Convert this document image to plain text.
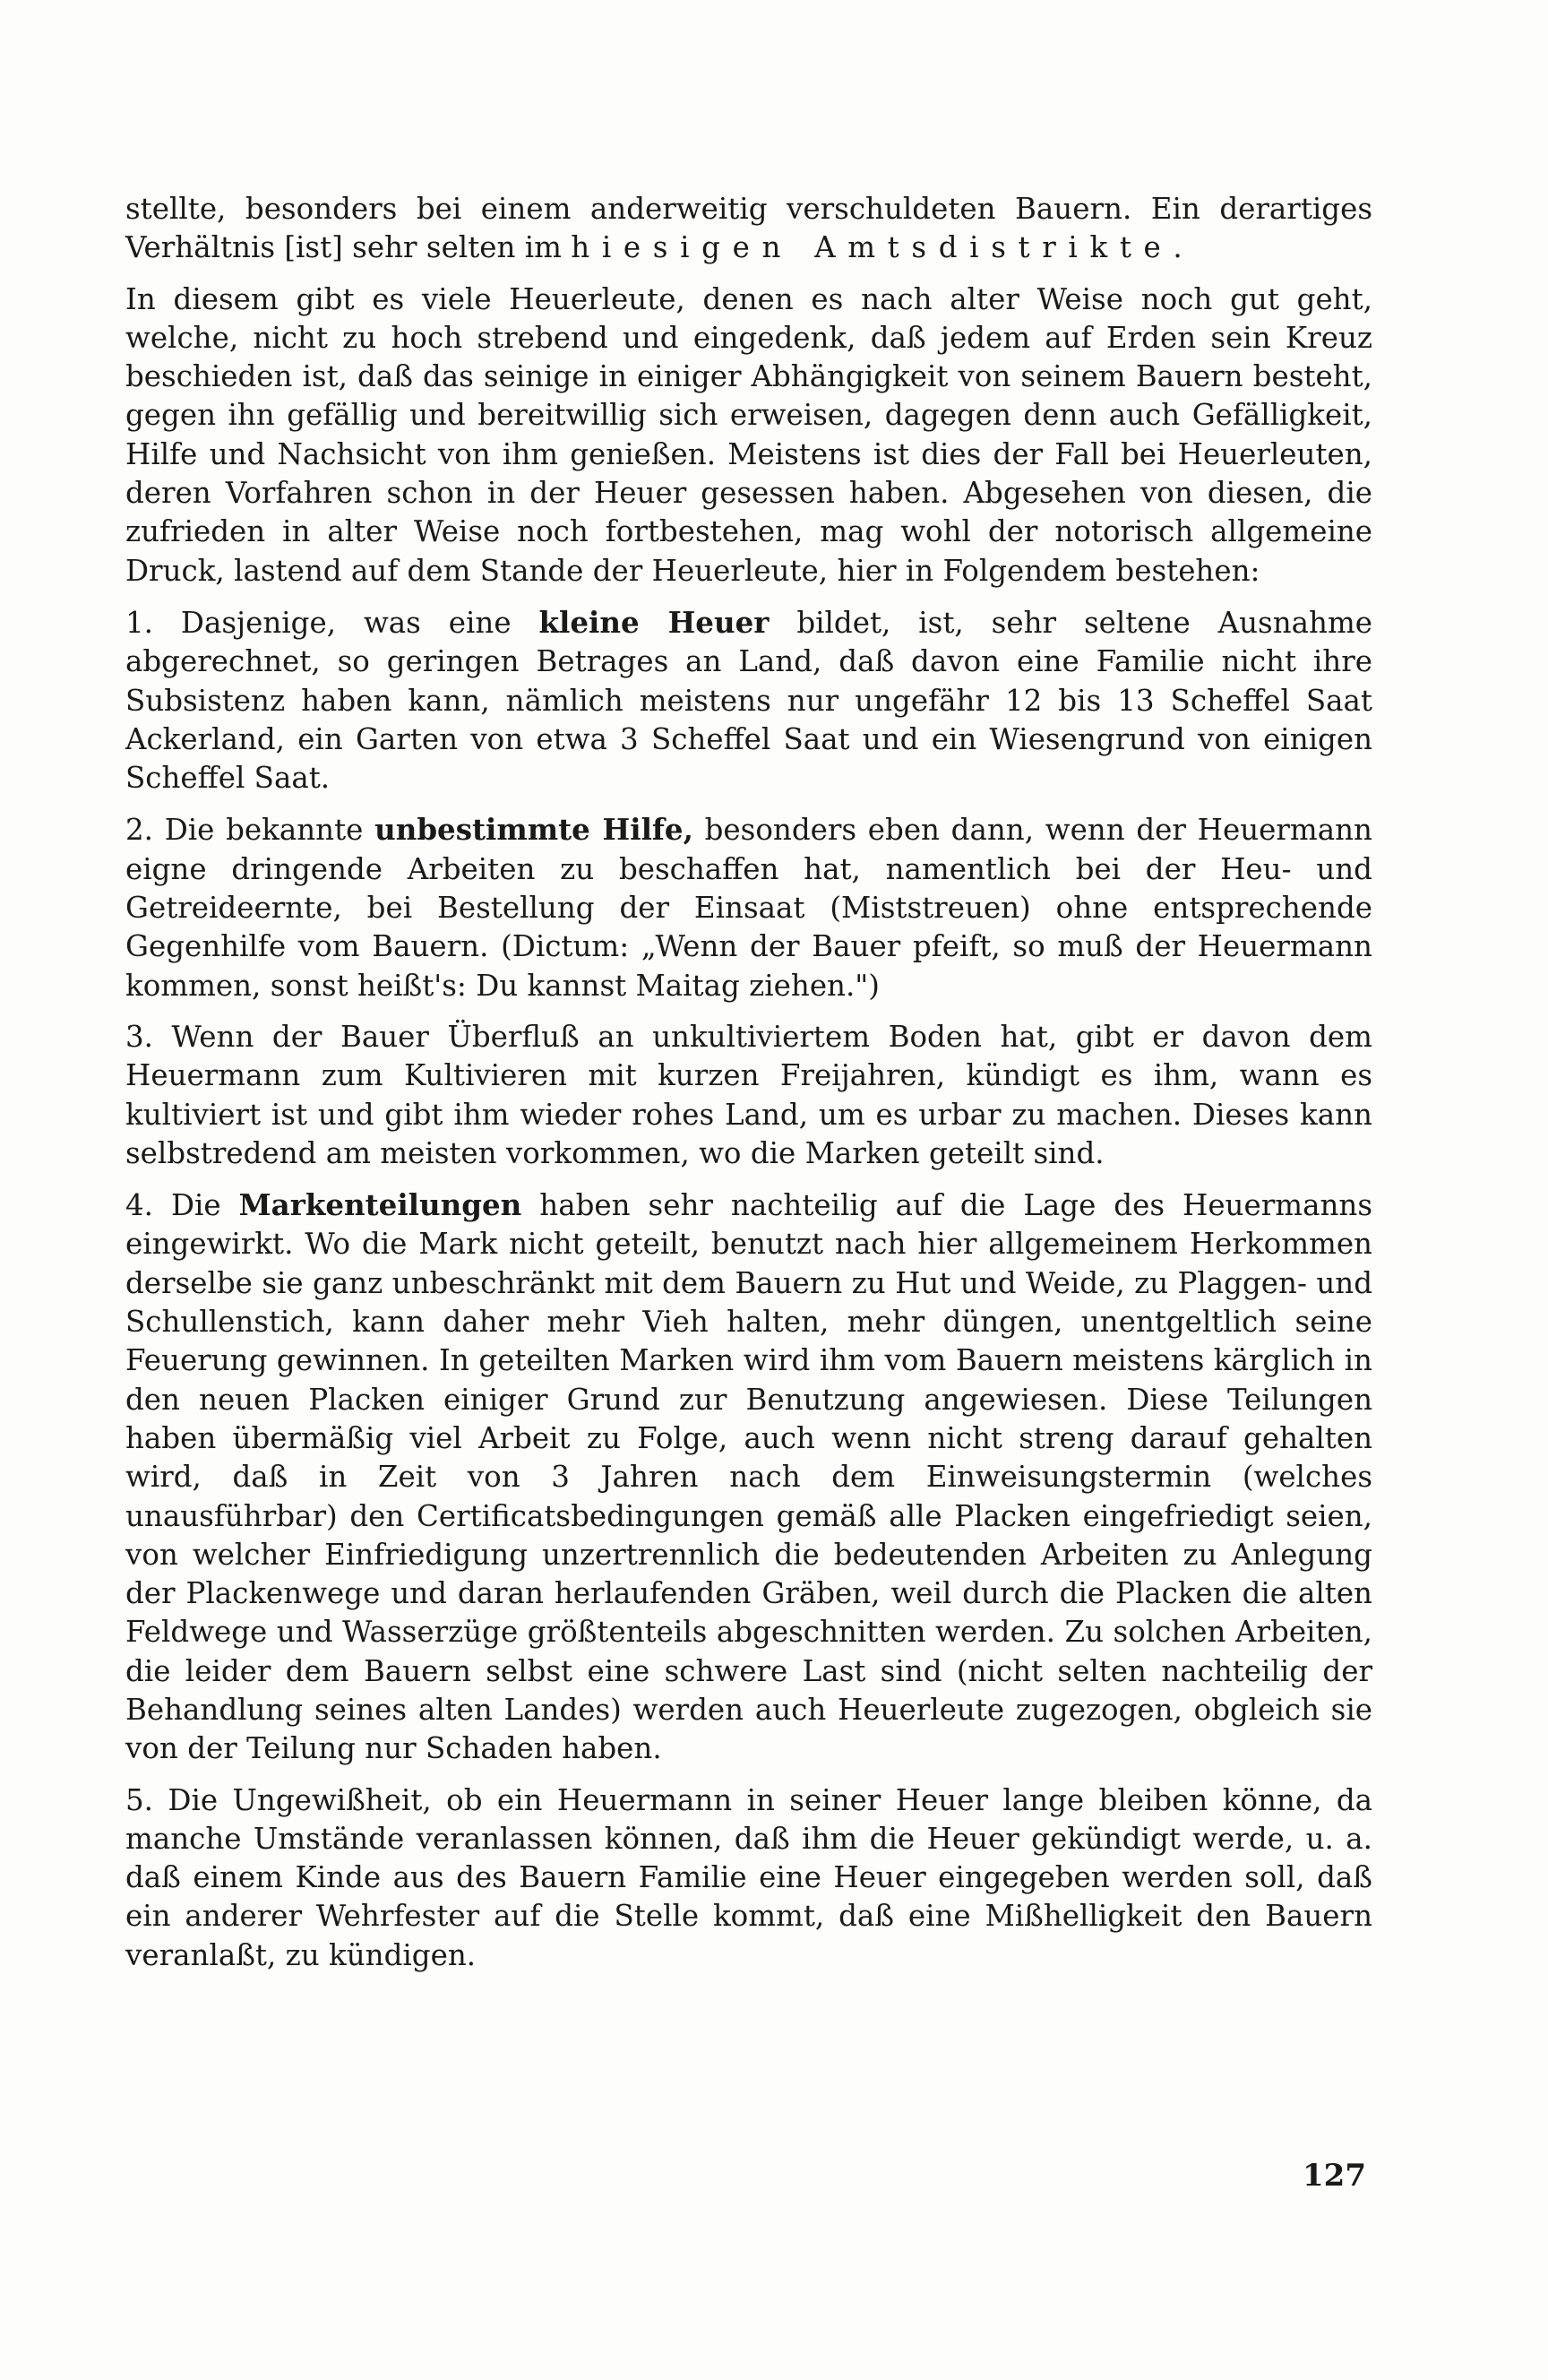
stellte, besonders bei einem anderweitig verschuldeten Bauern. Ein derartiges Verhältnis [ist] sehr selten im hiesigen Amtsdistrikte.

In diesem gibt es viele Heuerleute, denen es nach alter Weise noch gut geht, welche, nicht zu hoch strebend und eingedenk, daß jedem auf Erden sein Kreuz beschieden ist, daß das seinige in einiger Abhängigkeit von seinem Bauern besteht, gegen ihn gefällig und bereitwillig sich erweisen, dagegen denn auch Gefälligkeit, Hilfe und Nachsicht von ihm genießen. Meistens ist dies der Fall bei Heuerleuten, deren Vorfahren schon in der Heuer gesessen haben. Abgesehen von diesen, die zufrieden in alter Weise noch fortbestehen, mag wohl der notorisch allgemeine Druck, lastend auf dem Stande der Heuerleute, hier in Folgendem bestehen:

1. Dasjenige, was eine kleine Heuer bildet, ist, sehr seltene Ausnahme abgerechnet, so geringen Betrages an Land, daß davon eine Familie nicht ihre Subsistenz haben kann, nämlich meistens nur ungefähr 12 bis 13 Scheffel Saat Ackerland, ein Garten von etwa 3 Scheffel Saat und ein Wiesengrund von einigen Scheffel Saat.

2. Die bekannte unbestimmte Hilfe, besonders eben dann, wenn der Heuermann eigne dringende Arbeiten zu beschaffen hat, namentlich bei der Heu- und Getreideernte, bei Bestellung der Einsaat (Miststreuen) ohne entsprechende Gegenhilfe vom Bauern. (Dictum: „Wenn der Bauer pfeift, so muß der Heuermann kommen, sonst heißt's: Du kannst Maitag ziehen.")

3. Wenn der Bauer Überfluß an unkultiviertem Boden hat, gibt er davon dem Heuermann zum Kultivieren mit kurzen Freijahren, kündigt es ihm, wann es kultiviert ist und gibt ihm wieder rohes Land, um es urbar zu machen. Dieses kann selbstredend am meisten vorkommen, wo die Marken geteilt sind.

4. Die Markenteilungen haben sehr nachteilig auf die Lage des Heuermanns eingewirkt. Wo die Mark nicht geteilt, benutzt nach hier allgemeinem Herkommen derselbe sie ganz unbeschränkt mit dem Bauern zu Hut und Weide, zu Plaggen- und Schullenstich, kann daher mehr Vieh halten, mehr düngen, unentgeltlich seine Feuerung gewinnen. In geteilten Marken wird ihm vom Bauern meistens kärglich in den neuen Placken einiger Grund zur Benutzung angewiesen. Diese Teilungen haben übermäßig viel Arbeit zu Folge, auch wenn nicht streng darauf gehalten wird, daß in Zeit von 3 Jahren nach dem Einweisungstermin (welches unausführbar) den Certificatsbedingungen gemäß alle Placken eingefriedigt seien, von welcher Einfriedigung unzertrennlich die bedeutenden Arbeiten zu Anlegung der Plackenwege und daran herlaufenden Gräben, weil durch die Placken die alten Feldwege und Wasserzüge größtenteils abgeschnitten werden. Zu solchen Arbeiten, die leider dem Bauern selbst eine schwere Last sind (nicht selten nachteilig der Behandlung seines alten Landes) werden auch Heuerleute zugezogen, obgleich sie von der Teilung nur Schaden haben.

5. Die Ungewißheit, ob ein Heuermann in seiner Heuer lange bleiben könne, da manche Umstände veranlassen können, daß ihm die Heuer gekündigt werde, u. a. daß einem Kinde aus des Bauern Familie eine Heuer eingegeben werden soll, daß ein anderer Wehrfester auf die Stelle kommt, daß eine Mißhelligkeit den Bauern veranlaßt, zu kündigen.

127
